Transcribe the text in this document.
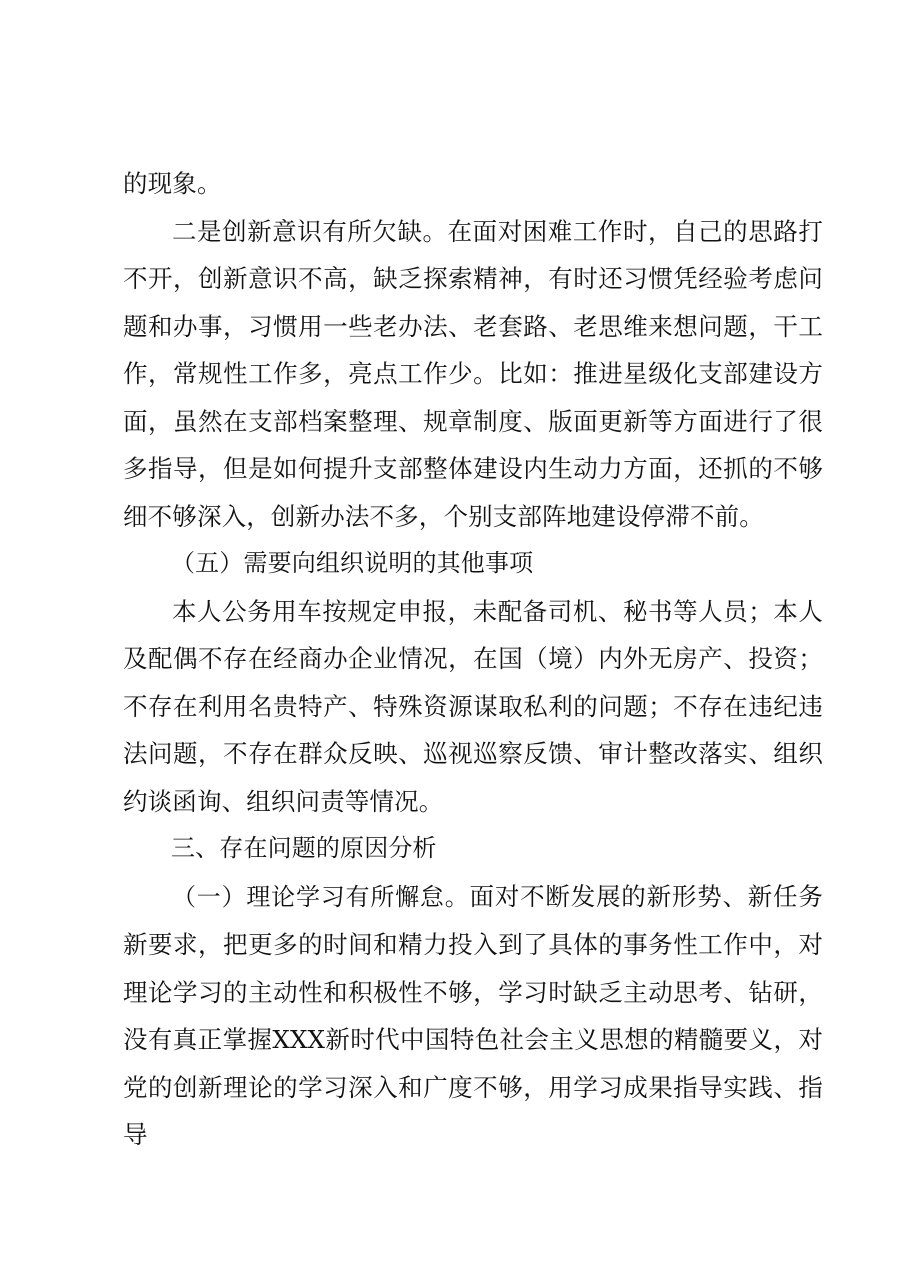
的现象。

二是创新意识有所欠缺。在面对困难工作时，自己的思路打不开，创新意识不高，缺乏探索精神，有时还习惯凭经验考虑问题和办事，习惯用一些老办法、老套路、老思维来想问题，干工作，常规性工作多，亮点工作少。比如：推进星级化支部建设方面，虽然在支部档案整理、规章制度、版面更新等方面进行了很多指导，但是如何提升支部整体建设内生动力方面，还抓的不够细不够深入，创新办法不多，个别支部阵地建设停滞不前。

（五）需要向组织说明的其他事项

本人公务用车按规定申报，未配备司机、秘书等人员；本人及配偶不存在经商办企业情况，在国（境）内外无房产、投资；不存在利用名贵特产、特殊资源谋取私利的问题；不存在违纪违法问题，不存在群众反映、巡视巡察反馈、审计整改落实、组织约谈函询、组织问责等情况。

三、存在问题的原因分析

（一）理论学习有所懈怠。面对不断发展的新形势、新任务新要求，把更多的时间和精力投入到了具体的事务性工作中，对理论学习的主动性和积极性不够，学习时缺乏主动思考、钻研，没有真正掌握XXX新时代中国特色社会主义思想的精髓要义，对党的创新理论的学习深入和广度不够，用学习成果指导实践、指导
